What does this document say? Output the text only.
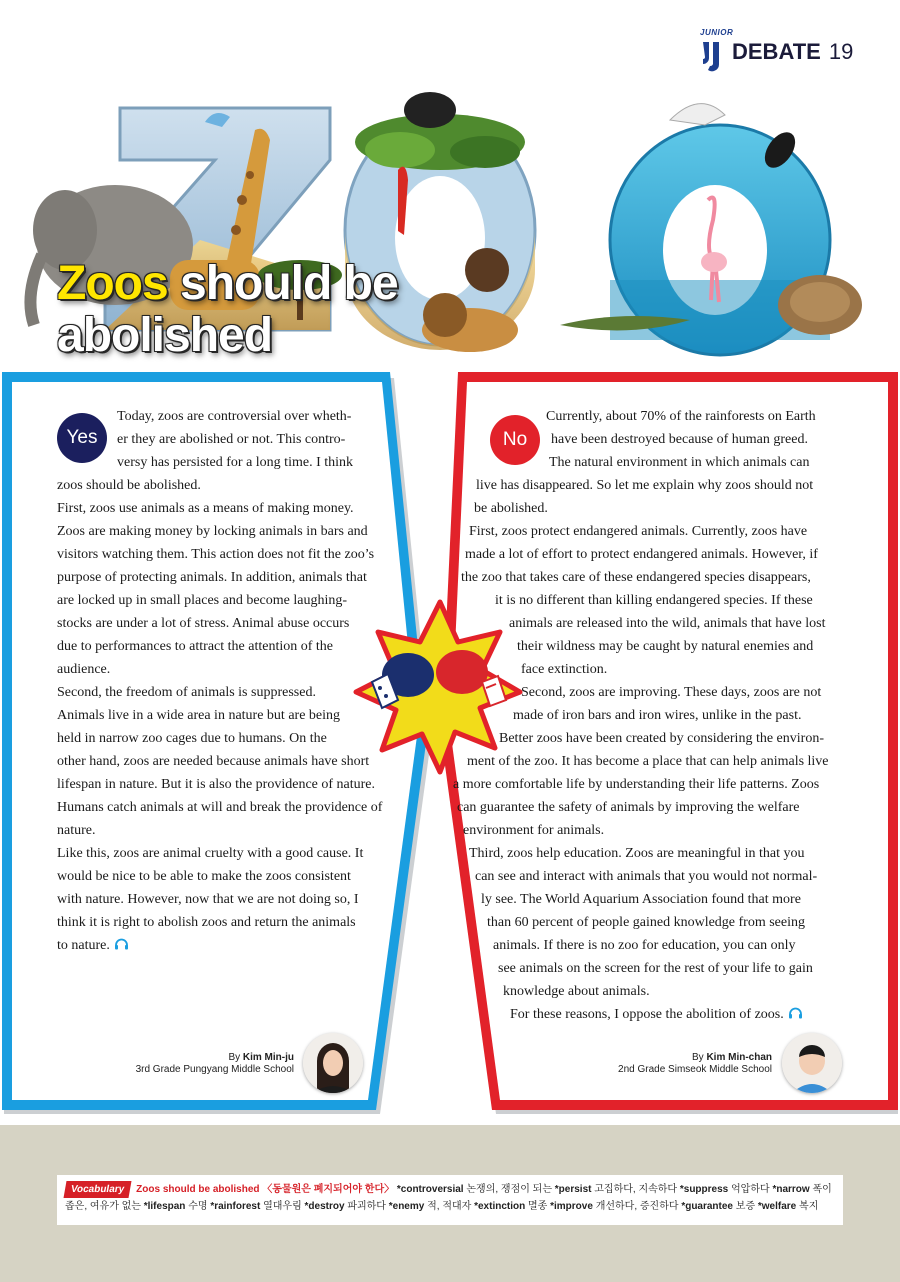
JUNIOR
DEBATE 19
Zoos should be
abolished
Yes	No
Today, zoos are controversial over wheth-
er they are abolished or not. This contro-
versy has persisted for a long time. I think
zoos should be abolished.
First, zoos use animals as a means of making money.
Zoos are making money by locking animals in bars and
visitors watching them. This action does not fit the zoo’s
purpose of protecting animals. In addition, animals that
are locked up in small places and become laughing-
stocks are under a lot of stress. Animal abuse occurs
due to performances to attract the attention of the
audience.
Second, the freedom of animals is suppressed.
Animals live in a wide area in nature but are being
held in narrow zoo cages due to humans. On the
other hand, zoos are needed because animals have short
lifespan in nature. But it is also the providence of nature.
Humans catch animals at will and break the providence of
nature.
Like this, zoos are animal cruelty with a good cause. It
would be nice to be able to make the zoos consistent
with nature. However, now that we are not doing so, I
think it is right to abolish zoos and return the animals
to nature.
Currently, about 70% of the rainforests on Earth
have been destroyed because of human greed.
The natural environment in which animals can
live has disappeared. So let me explain why zoos should not
be abolished.
First, zoos protect endangered animals. Currently, zoos have
made a lot of effort to protect endangered animals. However, if
the zoo that takes care of these endangered species disappears,
it is no different than killing endangered species. If these
animals are released into the wild, animals that have lost
their wildness may be caught by natural enemies and
face extinction.
Second, zoos are improving. These days, zoos are not
made of iron bars and iron wires, unlike in the past.
Better zoos have been created by considering the environ-
ment of the zoo. It has become a place that can help animals live
a more comfortable life by understanding their life patterns. Zoos
can guarantee the safety of animals by improving the welfare
environment for animals.
Third, zoos help education. Zoos are meaningful in that you
can see and interact with animals that you would not normal-
ly see. The World Aquarium Association found that more
than 60 percent of people gained knowledge from seeing
animals. If there is no zoo for education, you can only
see animals on the screen for the rest of your life to gain
knowledge about animals.
For these reasons, I oppose the abolition of zoos.
By Kim Min-ju
3rd Grade Pungyang Middle School
By Kim Min-chan
2nd Grade Simseok Middle School
Vocabulary Zoos should be abolished 〈동물원은 폐지되어야 한다〉 *controversial 논쟁의, 쟁점이 되는 *persist 고집하다, 지속하다 *suppress 억압하다 *narrow 폭이 좁은, 여유가 없는 *lifespan 수명 *rainforest 열대우림 *destroy 파괴하다 *enemy 적, 적대자 *extinction 멸종 *improve 개선하다, 증진하다 *guarantee 보증 *welfare 복지
